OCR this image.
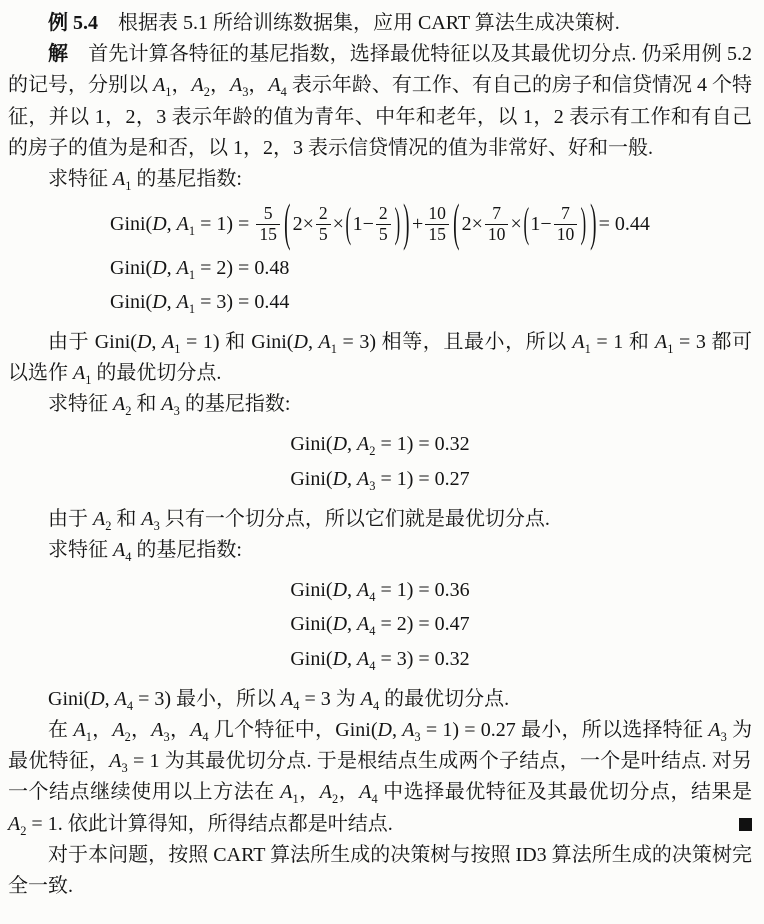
例 5.4　根据表 5.1 所给训练数据集，应用 CART 算法生成决策树.

解　首先计算各特征的基尼指数，选择最优特征以及其最优切分点. 仍采用例 5.2 的记号，分别以 $A_1$，$A_2$，$A_3$，$A_4$ 表示年龄、有工作、有自己的房子和信贷情况 4 个特征，并以 1，2，3 表示年龄的值为青年、中年和老年，以 1，2 表示有工作和有自己的房子的值为是和否，以 1，2，3 表示信贷情况的值为非常好、好和一般.

求特征 $A_1$ 的基尼指数:

Gini( D , $A_1 = 1) = \frac{5}{15}$ ( $2\times \frac{2}{5}$ × ( $1- \frac{2}{5}$ ) ) + $\frac{10}{15}$ ( $2\times \frac{7}{10}$ × ( $1- \frac{7}{10}$ ) ) = 0.44
Gini(D, $A_1 = 2) = 0.48$
Gini(D, $A_1 = 3) = 0.44$

由于 Gini(D, $A_1 = 1$) 和 Gini(D, $A_1 = 3$) 相等，且最小，所以 $A_1 = 1$ 和 $A_1 = 3$ 都可以选作 $A_1$ 的最优切分点.

求特征 $A_2$ 和 $A_3$ 的基尼指数:

Gini(D, $A_2 = 1) = 0.32$
Gini(D, $A_3 = 1) = 0.27$

由于 $A_2$ 和 $A_3$ 只有一个切分点，所以它们就是最优切分点.

求特征 $A_4$ 的基尼指数:

Gini(D, $A_4 = 1) = 0.36$
Gini(D, $A_4 = 2) = 0.47$
Gini(D, $A_4 = 3) = 0.32$

Gini(D, $A_4 = 3$) 最小，所以 $A_4 = 3$ 为 $A_4$ 的最优切分点.

在 $A_1$，$A_2$，$A_3$，$A_4$ 几个特征中，Gini(D, $A_3 = 1) = 0.27$ 最小，所以选择特征 $A_3$ 为最优特征，$A_3 = 1$ 为其最优切分点. 于是根结点生成两个子结点，一个是叶结点. 对另一个结点继续使用以上方法在 $A_1$，$A_2$，$A_4$ 中选择最优特征及其最优切分点，结果是 $A_2 = 1$. 依此计算得知，所得结点都是叶结点.

对于本问题，按照 CART 算法所生成的决策树与按照 ID3 算法所生成的决策树完全一致.
